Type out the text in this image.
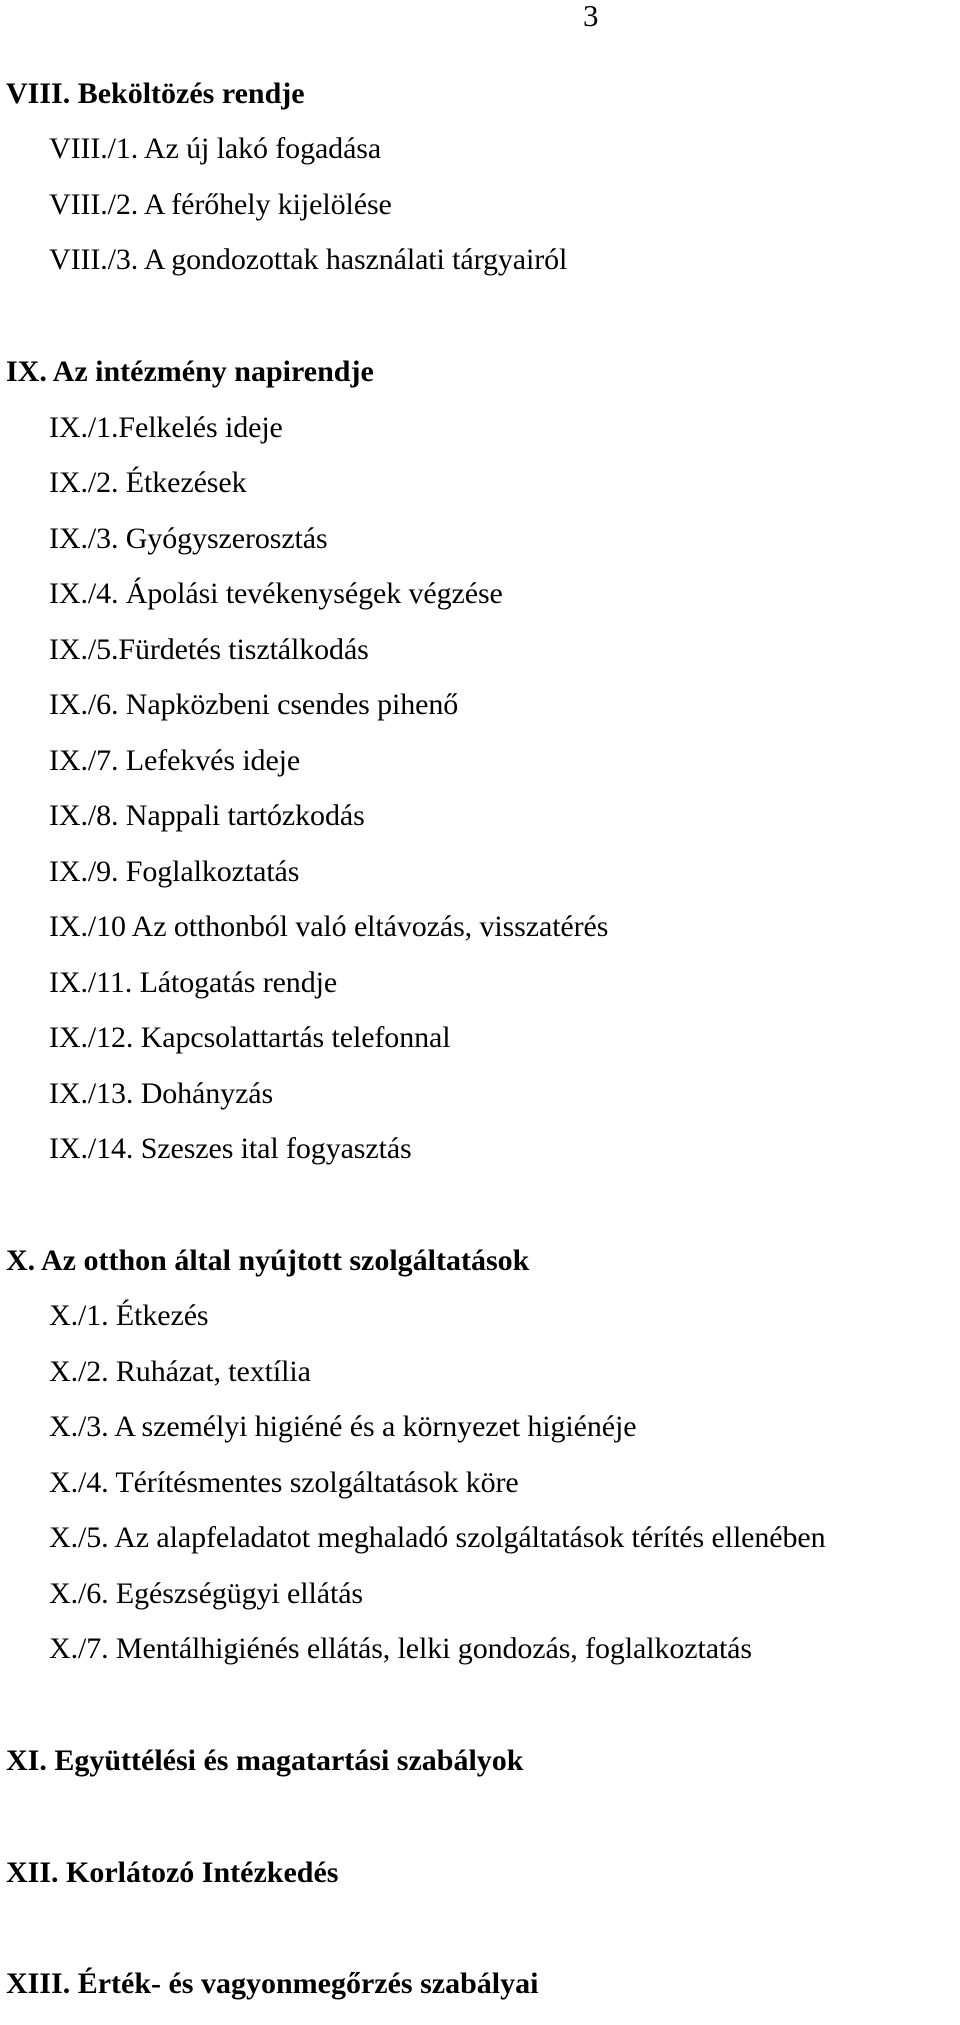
3
VIII. Beköltözés rendje
VIII./1. Az új lakó fogadása
VIII./2. A férőhely kijelölése
VIII./3. A gondozottak használati tárgyairól
IX. Az intézmény napirendje
IX./1.Felkelés ideje
IX./2. Étkezések
IX./3. Gyógyszerosztás
IX./4. Ápolási tevékenységek végzése
IX./5.Fürdetés tisztálkodás
IX./6. Napközbeni csendes pihenő
IX./7. Lefekvés ideje
IX./8. Nappali tartózkodás
IX./9. Foglalkoztatás
IX./10 Az otthonból való eltávozás, visszatérés
IX./11. Látogatás rendje
IX./12. Kapcsolattartás telefonnal
IX./13. Dohányzás
IX./14. Szeszes ital fogyasztás
X. Az otthon által nyújtott szolgáltatások
X./1. Étkezés
X./2. Ruházat, textília
X./3. A személyi higiéné és a környezet higiénéje
X./4. Térítésmentes szolgáltatások köre
X./5. Az alapfeladatot meghaladó szolgáltatások térítés ellenében
X./6. Egészségügyi ellátás
X./7. Mentálhigiénés ellátás, lelki gondozás, foglalkoztatás
XI. Együttélési és magatartási szabályok
XII. Korlátozó Intézkedés
XIII. Érték- és vagyonmegőrzés szabályai
